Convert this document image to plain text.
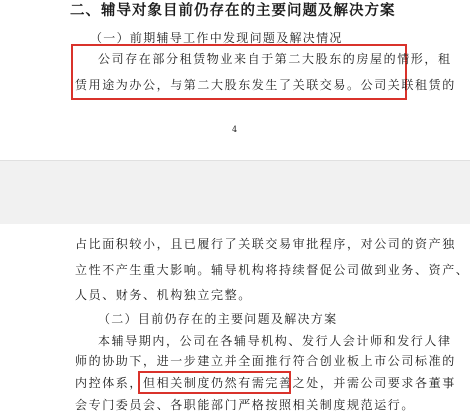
二、辅导对象目前仍存在的主要问题及解决方案
（一）前期辅导工作中发现问题及解决情况
公司存在部分租赁物业来自于第二大股东的房屋的情形，租
赁用途为办公，与第二大股东发生了关联交易。公司关联租赁的
4
占比面积较小，且已履行了关联交易审批程序，对公司的资产独
立性不产生重大影响。辅导机构将持续督促公司做到业务、资产、
人员、财务、机构独立完整。
（二）目前仍存在的主要问题及解决方案
本辅导期内，公司在各辅导机构、发行人会计师和发行人律
师的协助下，进一步建立并全面推行符合创业板上市公司标准的
内控体系，但相关制度仍然有需完善之处，并需公司要求各董事
会专门委员会、各职能部门严格按照相关制度规范运行。
